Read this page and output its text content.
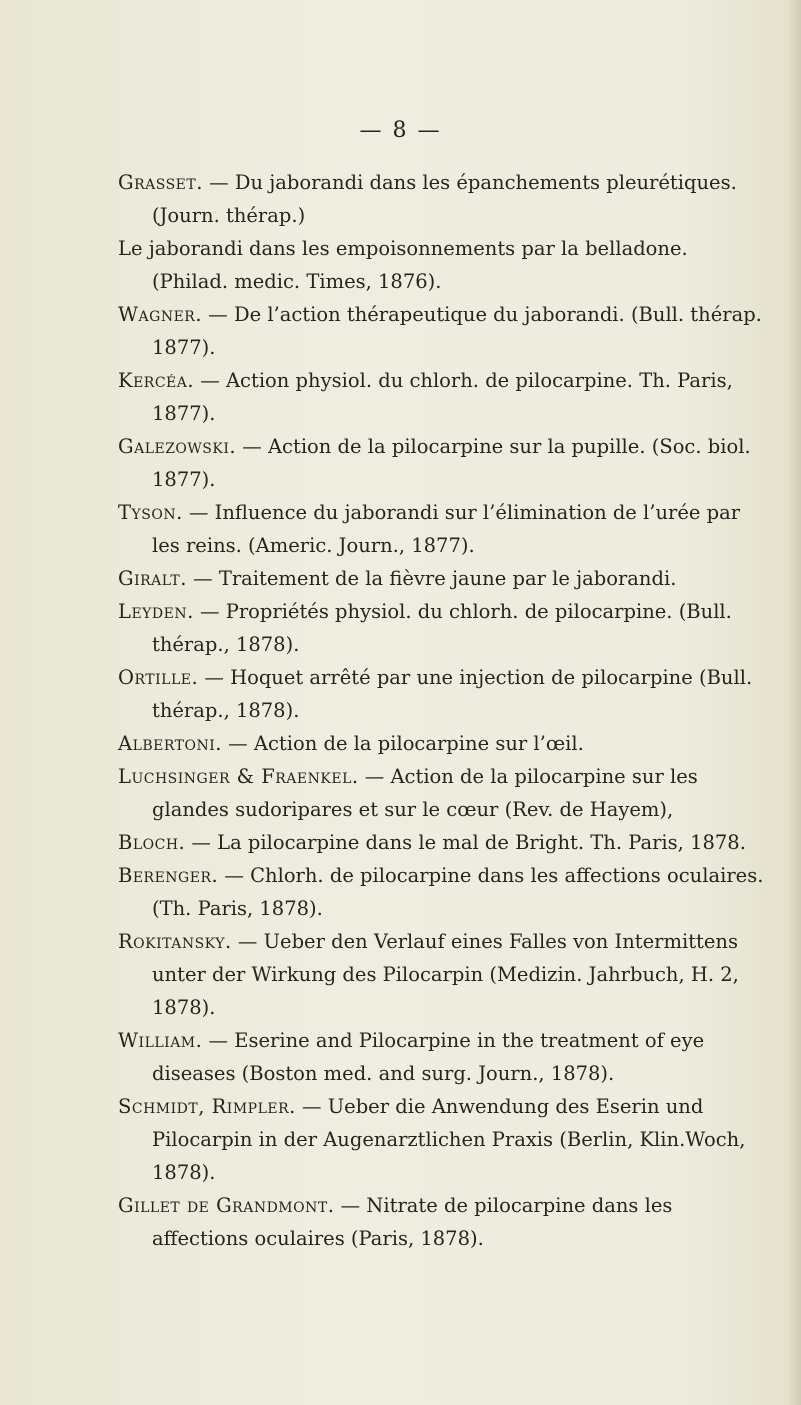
— 8 —

Grasset. — Du jaborandi dans les épanchements pleurétiques. (Journ. thérap.)

Le jaborandi dans les empoisonnements par la belladone. (Philad. medic. Times, 1876).

Wagner. — De l’action thérapeutique du jaborandi. (Bull. thérap. 1877).

Kercéa. — Action physiol. du chlorh. de pilocarpine. Th. Paris, 1877).

Galezowski. — Action de la pilocarpine sur la pupille. (Soc. biol. 1877).

Tyson. — Influence du jaborandi sur l’élimination de l’urée par les reins. (Americ. Journ., 1877).

Giralt. — Traitement de la fièvre jaune par le jaborandi.

Leyden. — Propriétés physiol. du chlorh. de pilocarpine. (Bull. thérap., 1878).

Ortille. — Hoquet arrêté par une injection de pilocarpine (Bull. thérap., 1878).

Albertoni. — Action de la pilocarpine sur l’œil.

Luchsinger & Fraenkel. — Action de la pilocarpine sur les glandes sudoripares et sur le cœur (Rev. de Hayem),

Bloch. — La pilocarpine dans le mal de Bright. Th. Paris, 1878.

Berenger. — Chlorh. de pilocarpine dans les affections oculaires. (Th. Paris, 1878).

Rokitansky. — Ueber den Verlauf eines Falles von Intermittens unter der Wirkung des Pilocarpin (Medizin. Jahrbuch, H. 2, 1878).

William. — Eserine and Pilocarpine in the treatment of eye diseases (Boston med. and surg. Journ., 1878).

Schmidt, Rimpler. — Ueber die Anwendung des Eserin und Pilocarpin in der Augenarztlichen Praxis (Berlin, Klin.Woch, 1878).

Gillet de Grandmont. — Nitrate de pilocarpine dans les affections oculaires (Paris, 1878).
